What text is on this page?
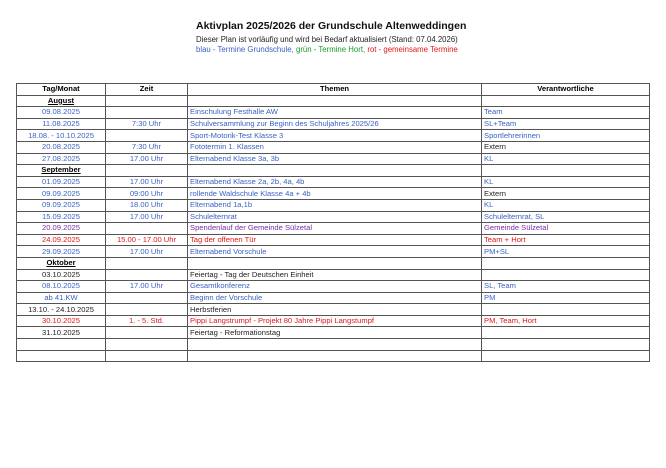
Aktivplan 2025/2026 der Grundschule Altenweddingen
Dieser Plan ist vorläufig und wird bei Bedarf aktualisiert (Stand: 07.04.2026)
blau - Termine Grundschule, grün - Termine Hort, rot - gemeinsame Termine
Tag/Monat	Zeit	Themen	Verantwortliche
August			
09.08.2025		Einschulung Festhalle AW	Team
11.08.2025	7:30 Uhr	Schulversammlung zur Beginn des Schuljahres 2025/26	SL+Team
18.08. - 10.10.2025		Sport-Motorik-Test Klasse 3	Sportlehrerinnen
20.08.2025	7:30 Uhr	Fototermin 1. Klassen	Extern
27.08.2025	17.00 Uhr	Elternabend Klasse 3a, 3b	KL
September			
01.09.2025	17.00 Uhr	Elternabend Klasse 2a, 2b, 4a, 4b	KL
09.09.2025	09:00 Uhr	rollende Waldschule Klasse 4a + 4b	Extern
09.09.2025	18.00 Uhr	Elternabend 1a,1b	KL
15.09.2025	17.00 Uhr	Schulelternrat	Schulelternrat, SL
20.09.2025		Spendenlauf der Gemeinde Sülzetal	Gemeinde Sülzetal
24.09.2025	15.00 - 17.00 Uhr	Tag der offenen Tür	Team + Hort
29.09.2025	17.00 Uhr	Elternabend Vorschule	PM+SL
Oktober			
03.10.2025		Feiertag - Tag der Deutschen Einheit	
08.10.2025	17.00 Uhr	Gesamtkonferenz	SL, Team
ab 41.KW		Beginn der Vorschule	PM
13.10. - 24.10.2025		Herbstferien	
30.10.2025	1. - 5. Std.	Pippi Langstrumpf - Projekt 80 Jahre Pippi Langstumpf	PM, Team, Hort
31.10.2025		Feiertag - Reformationstag	
